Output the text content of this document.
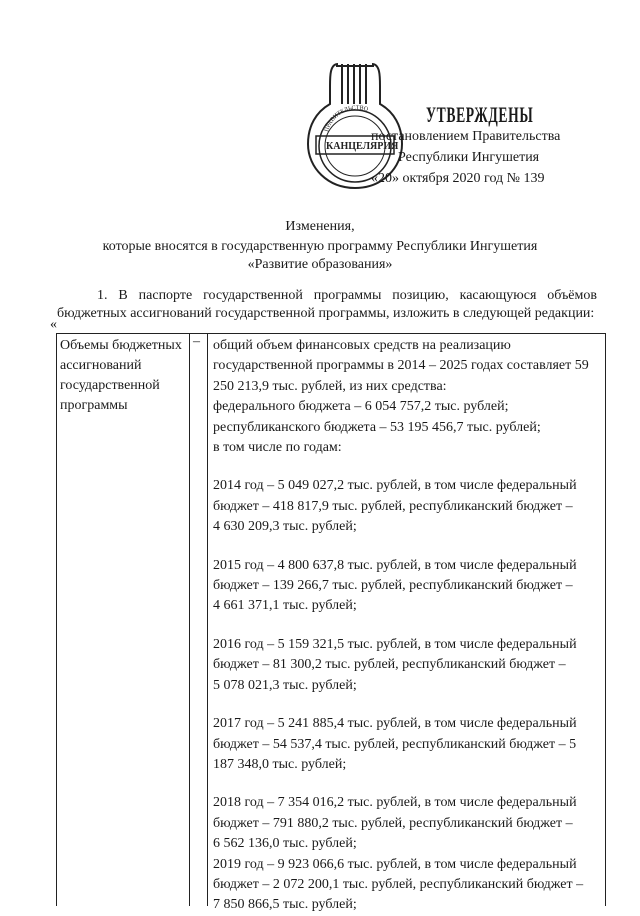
КАНЦЕЛЯРИЯ
ПРАВИТЕЛЬСТВО	УТВЕРЖДЕНЫ
постановлением Правительства
Республики Ингушетия
«20» октября 2020 год № 139
Изменения,
которые вносятся в государственную программу Республики Ингушетия
«Развитие образования»
1. В паспорте государственной программы позицию, касающуюся объёмов
бюджетных ассигнований государственной программы, изложить в следующей редакции:
«
Объемы бюджетных
ассигнований
государственной
программы
– общий объем финансовых средств на реализацию

государственной программы в 2014 – 2025 годах составляет 59

250 213,9 тыс. рублей, из них средства:

федерального бюджета – 6 054 757,2 тыс. рублей;

республиканского бюджета – 53 195 456,7 тыс. рублей;

в том числе по годам:

2014 год – 5 049 027,2 тыс. рублей, в том числе федеральный

бюджет – 418 817,9 тыс. рублей, республиканский бюджет –

4 630 209,3 тыс. рублей;

2015 год – 4 800 637,8 тыс. рублей, в том числе федеральный

бюджет – 139 266,7 тыс. рублей, республиканский бюджет –

4 661 371,1 тыс. рублей;

2016 год – 5 159 321,5 тыс. рублей, в том числе федеральный

бюджет – 81 300,2 тыс. рублей, республиканский бюджет –

5 078 021,3 тыс. рублей;

2017 год – 5 241 885,4 тыс. рублей, в том числе федеральный

бюджет – 54 537,4 тыс. рублей, республиканский бюджет – 5

187 348,0 тыс. рублей;

2018 год – 7 354 016,2 тыс. рублей, в том числе федеральный

бюджет – 791 880,2 тыс. рублей, республиканский бюджет –

6 562 136,0 тыс. рублей;

2019 год – 9 923 066,6 тыс. рублей, в том числе федеральный

бюджет – 2 072 200,1 тыс. рублей, республиканский бюджет –

7 850 866,5 тыс. рублей;
